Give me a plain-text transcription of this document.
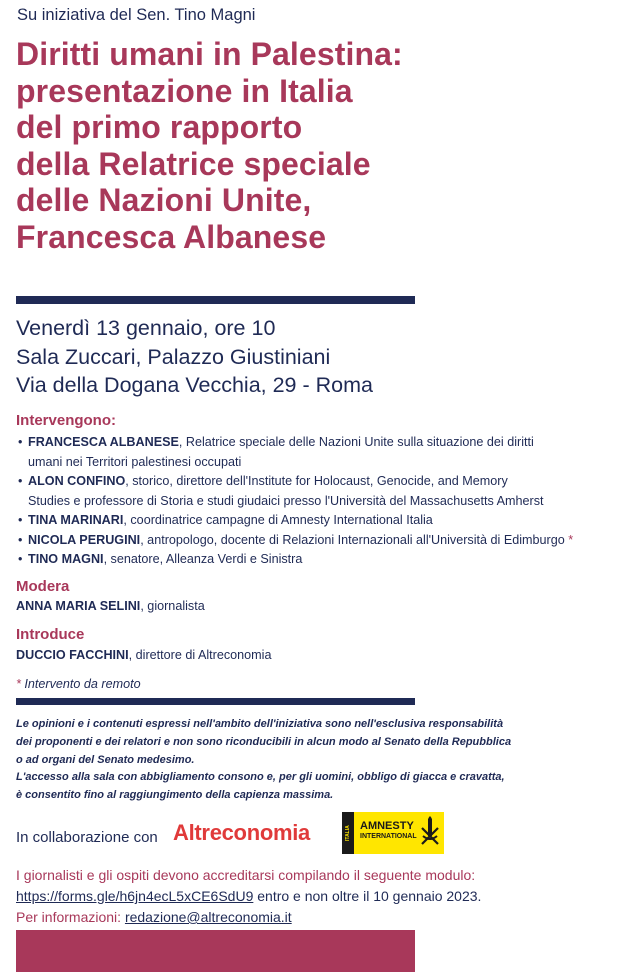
Su iniziativa del Sen. Tino Magni
Diritti umani in Palestina:
presentazione in Italia
del primo rapporto
della Relatrice speciale
delle Nazioni Unite,
Francesca Albanese
Venerdì 13 gennaio, ore 10
Sala Zuccari, Palazzo Giustiniani
Via della Dogana Vecchia, 29 - Roma
Intervengono:
• FRANCESCA ALBANESE, Relatrice speciale delle Nazioni Unite sulla situazione dei diritti
umani nei Territori palestinesi occupati
• ALON CONFINO, storico, direttore dell'Institute for Holocaust, Genocide, and Memory
Studies e professore di Storia e studi giudaici presso l'Università del Massachusetts Amherst
• TINA MARINARI, coordinatrice campagne di Amnesty International Italia
• NICOLA PERUGINI, antropologo, docente di Relazioni Internazionali all'Università di Edimburgo *
• TINO MAGNI, senatore, Alleanza Verdi e Sinistra
Modera
ANNA MARIA SELINI, giornalista
Introduce
DUCCIO FACCHINI, direttore di Altreconomia
* Intervento da remoto
Le opinioni e i contenuti espressi nell'ambito dell'iniziativa sono nell'esclusiva responsabilità
dei proponenti e dei relatori e non sono riconducibili in alcun modo al Senato della Repubblica
o ad organi del Senato medesimo.
L'accesso alla sala con abbigliamento consono e, per gli uomini, obbligo di giacca e cravatta,
è consentito fino al raggiungimento della capienza massima.
In collaborazione con Altreconomia	ITALIA AMNESTY
INTERNATIONAL
I giornalisti e gli ospiti devono accreditarsi compilando il seguente modulo:
https://forms.gle/h6jn4ecL5xCE6SdU9 entro e non oltre il 10 gennaio 2023.
Per informazioni: redazione@altreconomia.it
